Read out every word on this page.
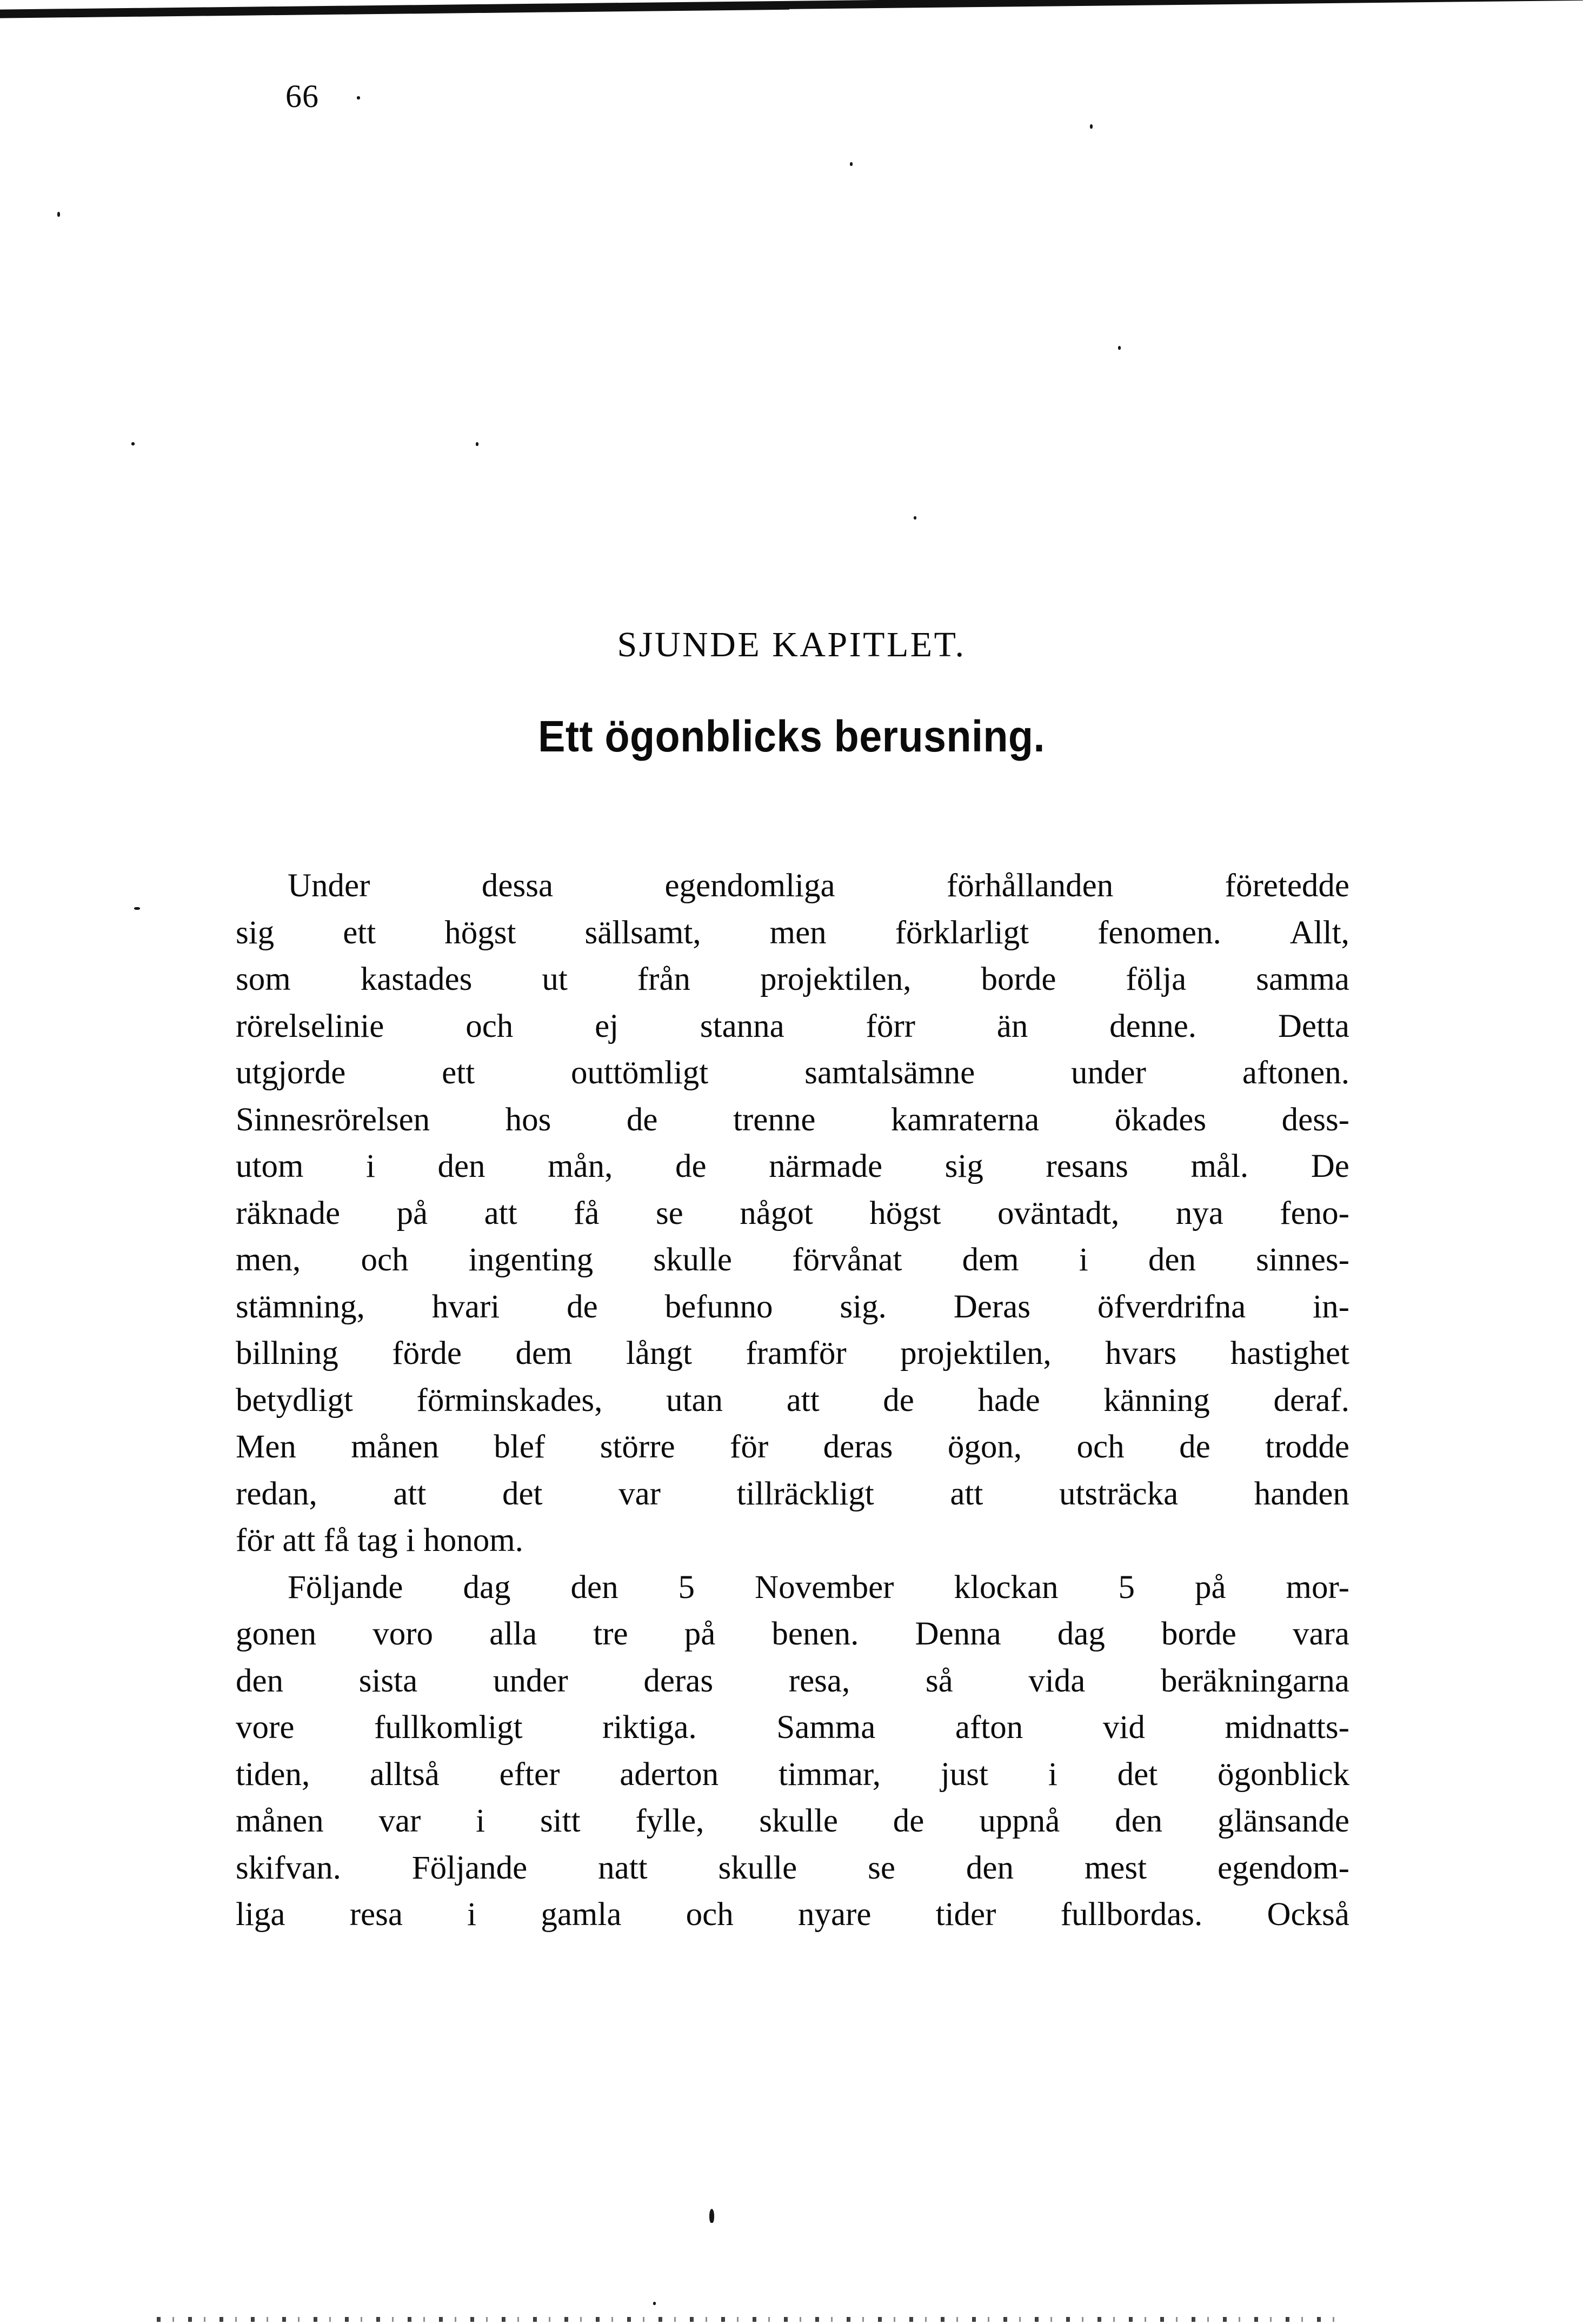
66
SJUNDE KAPITLET.
Ett ögonblicks berusning.
Under	dessa	egendomliga	förhållanden	företedde
sig ett högst sällsamt, men förklarligt fenomen. Allt,
som kastades ut från projektilen, borde följa samma
rörelselinie och ej stanna förr än denne. Detta
utgjorde	ett	outtömligt	samtalsämne	under	aftonen.
Sinnesrörelsen hos de trenne kamraterna ökades dess-
utom i den mån, de närmade sig resans mål. De
räknade på att få se något högst oväntadt, nya feno-
men, och ingenting skulle förvånat dem i den sinnes-
stämning, hvari de befunno sig. Deras öfverdrifna in-
billning förde dem långt framför projektilen, hvars hastighet
betydligt förminskades, utan att de hade känning deraf.
Men månen blef större för deras ögon, och de trodde
redan, att det var tillräckligt att utsträcka handen
för att få tag i honom.
Följande dag den 5 November klockan 5 på mor-
gonen voro alla tre på benen. Denna dag borde vara
den sista under deras resa, så vida beräkningarna
vore fullkomligt riktiga. Samma afton vid midnatts-
tiden, alltså efter aderton timmar, just i det ögonblick
månen var i sitt fylle, skulle de uppnå den glänsande
skifvan. Följande natt skulle se den mest egendom-
liga resa i gamla och nyare tider fullbordas. Också
